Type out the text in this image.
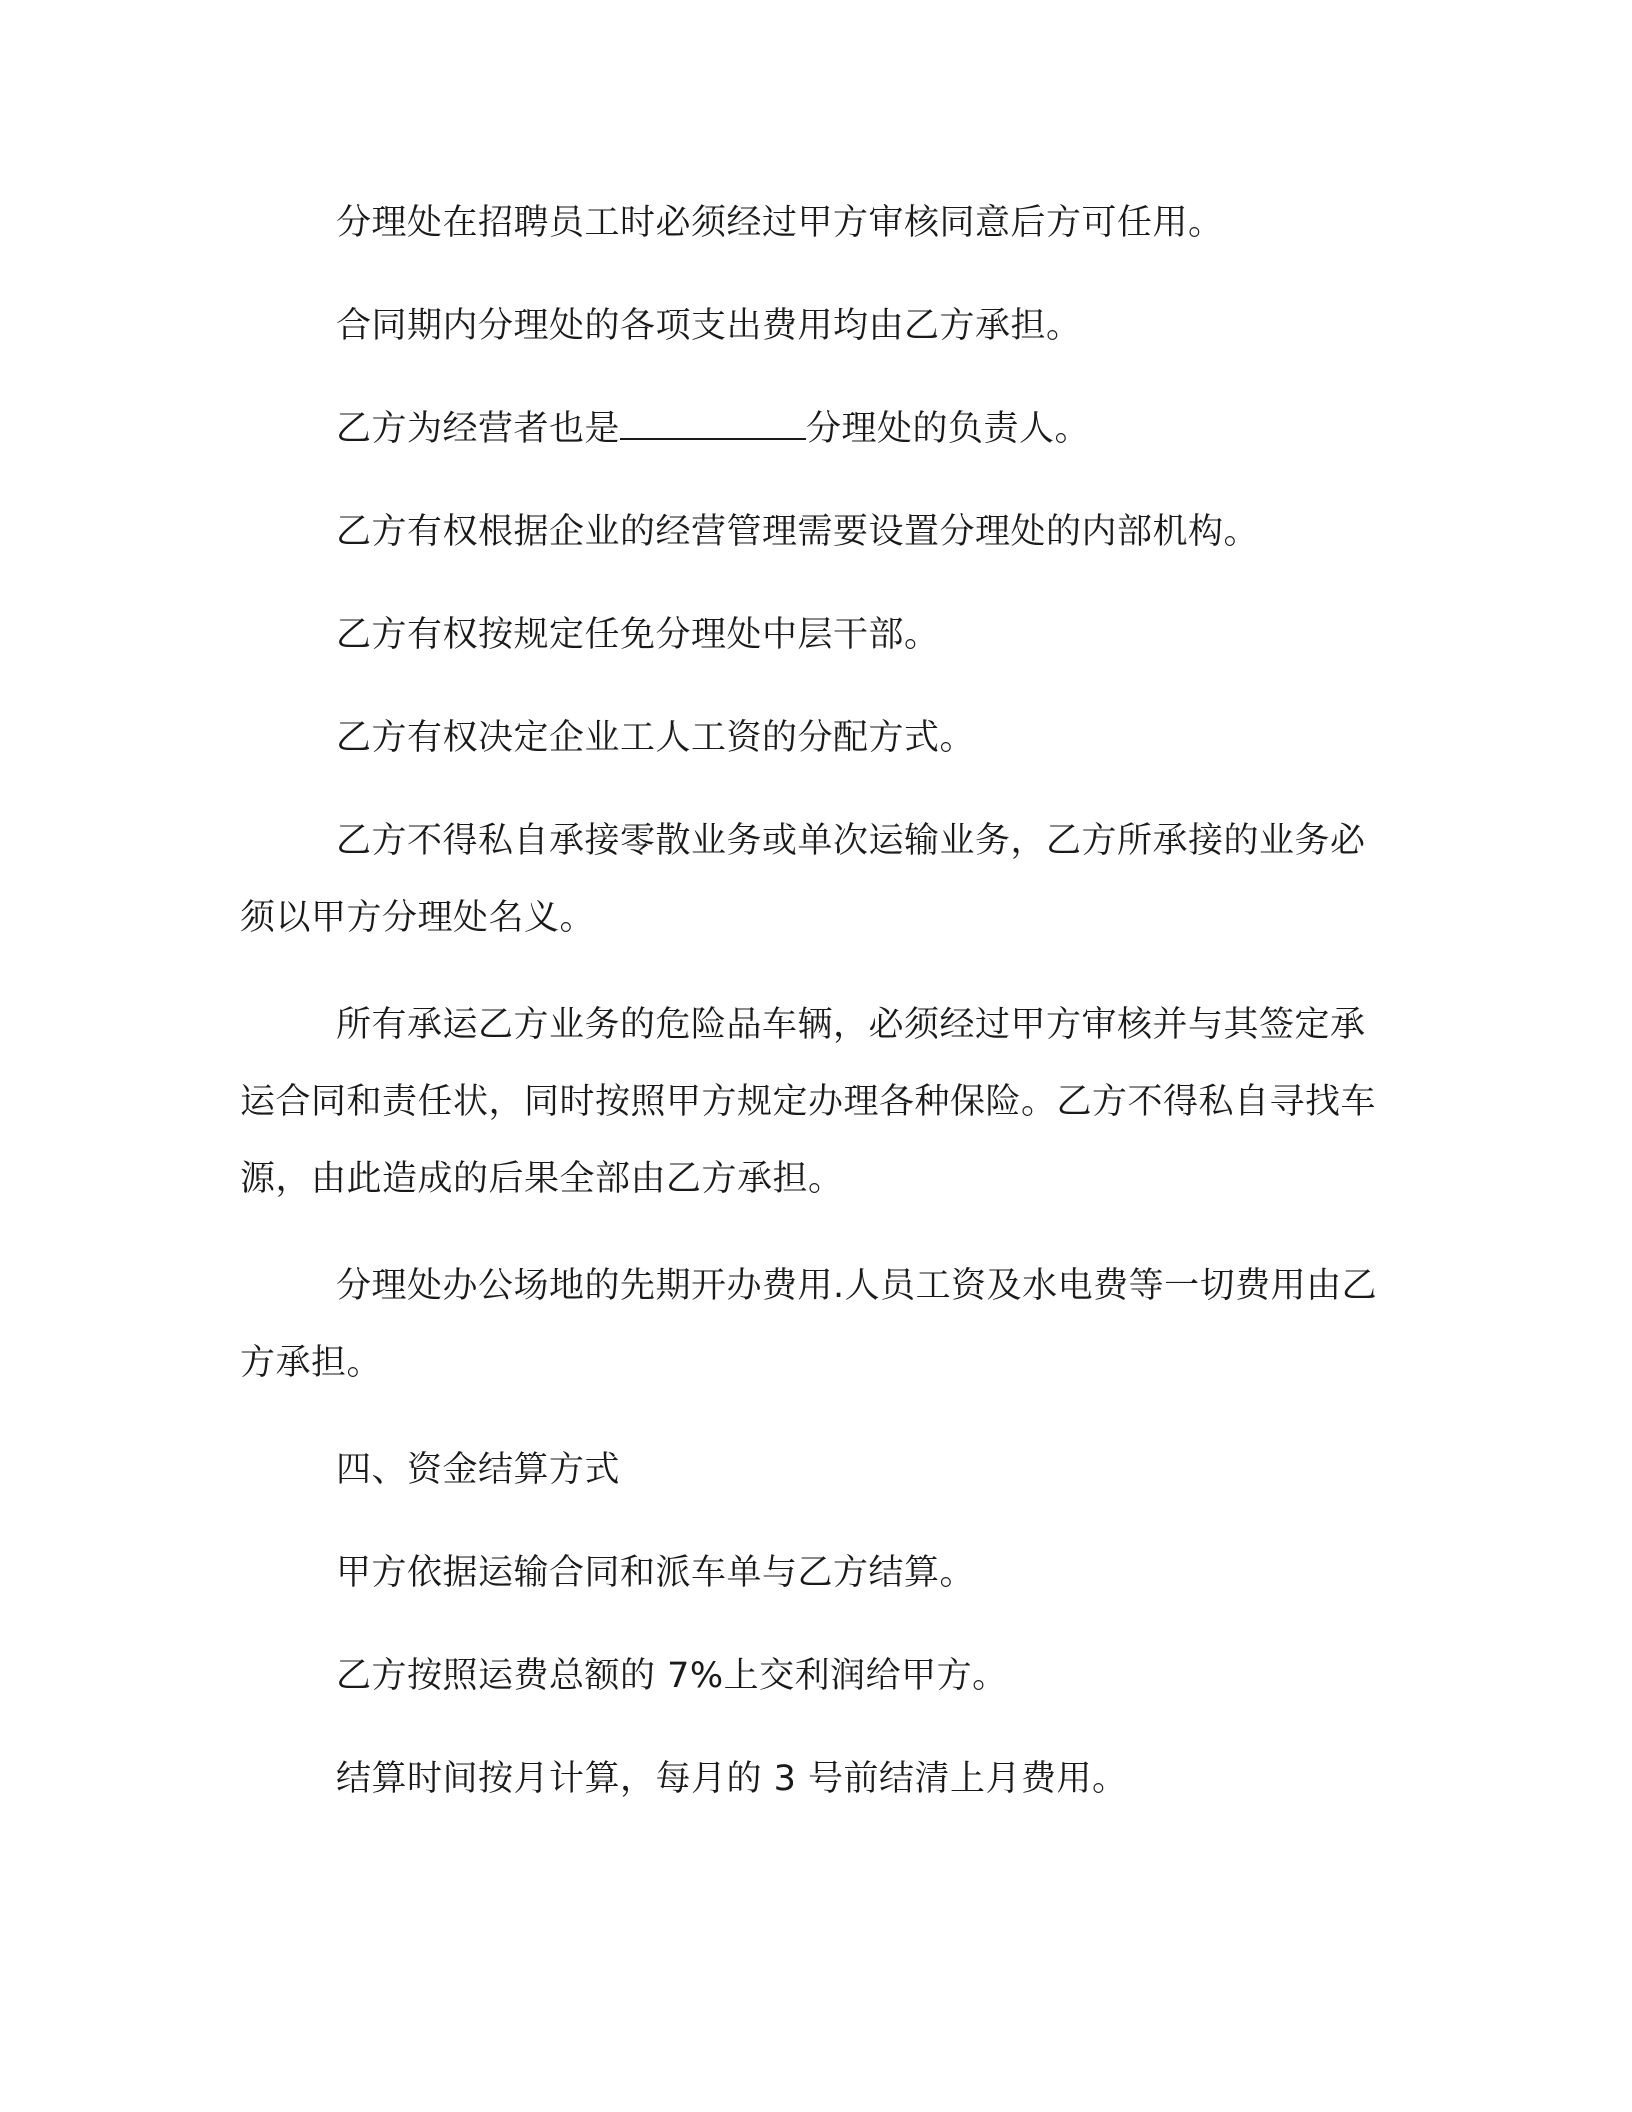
分理处在招聘员工时必须经过甲方审核同意后方可任用。

合同期内分理处的各项支出费用均由乙方承担。

乙方为经营者也是	分理处的负责人。

乙方有权根据企业的经营管理需要设置分理处的内部机构。

乙方有权按规定任免分理处中层干部。

乙方有权决定企业工人工资的分配方式。

乙方不得私自承接零散业务或单次运输业务，乙方所承接的业务必须以甲方分理处名义。

所有承运乙方业务的危险品车辆，必须经过甲方审核并与其签定承运合同和责任状，同时按照甲方规定办理各种保险。乙方不得私自寻找车源，由此造成的后果全部由乙方承担。

分理处办公场地的先期开办费用.人员工资及水电费等一切费用由乙方承担。

四、资金结算方式

甲方依据运输合同和派车单与乙方结算。

乙方按照运费总额的 7%上交利润给甲方。

结算时间按月计算，每月的 3 号前结清上月费用。
